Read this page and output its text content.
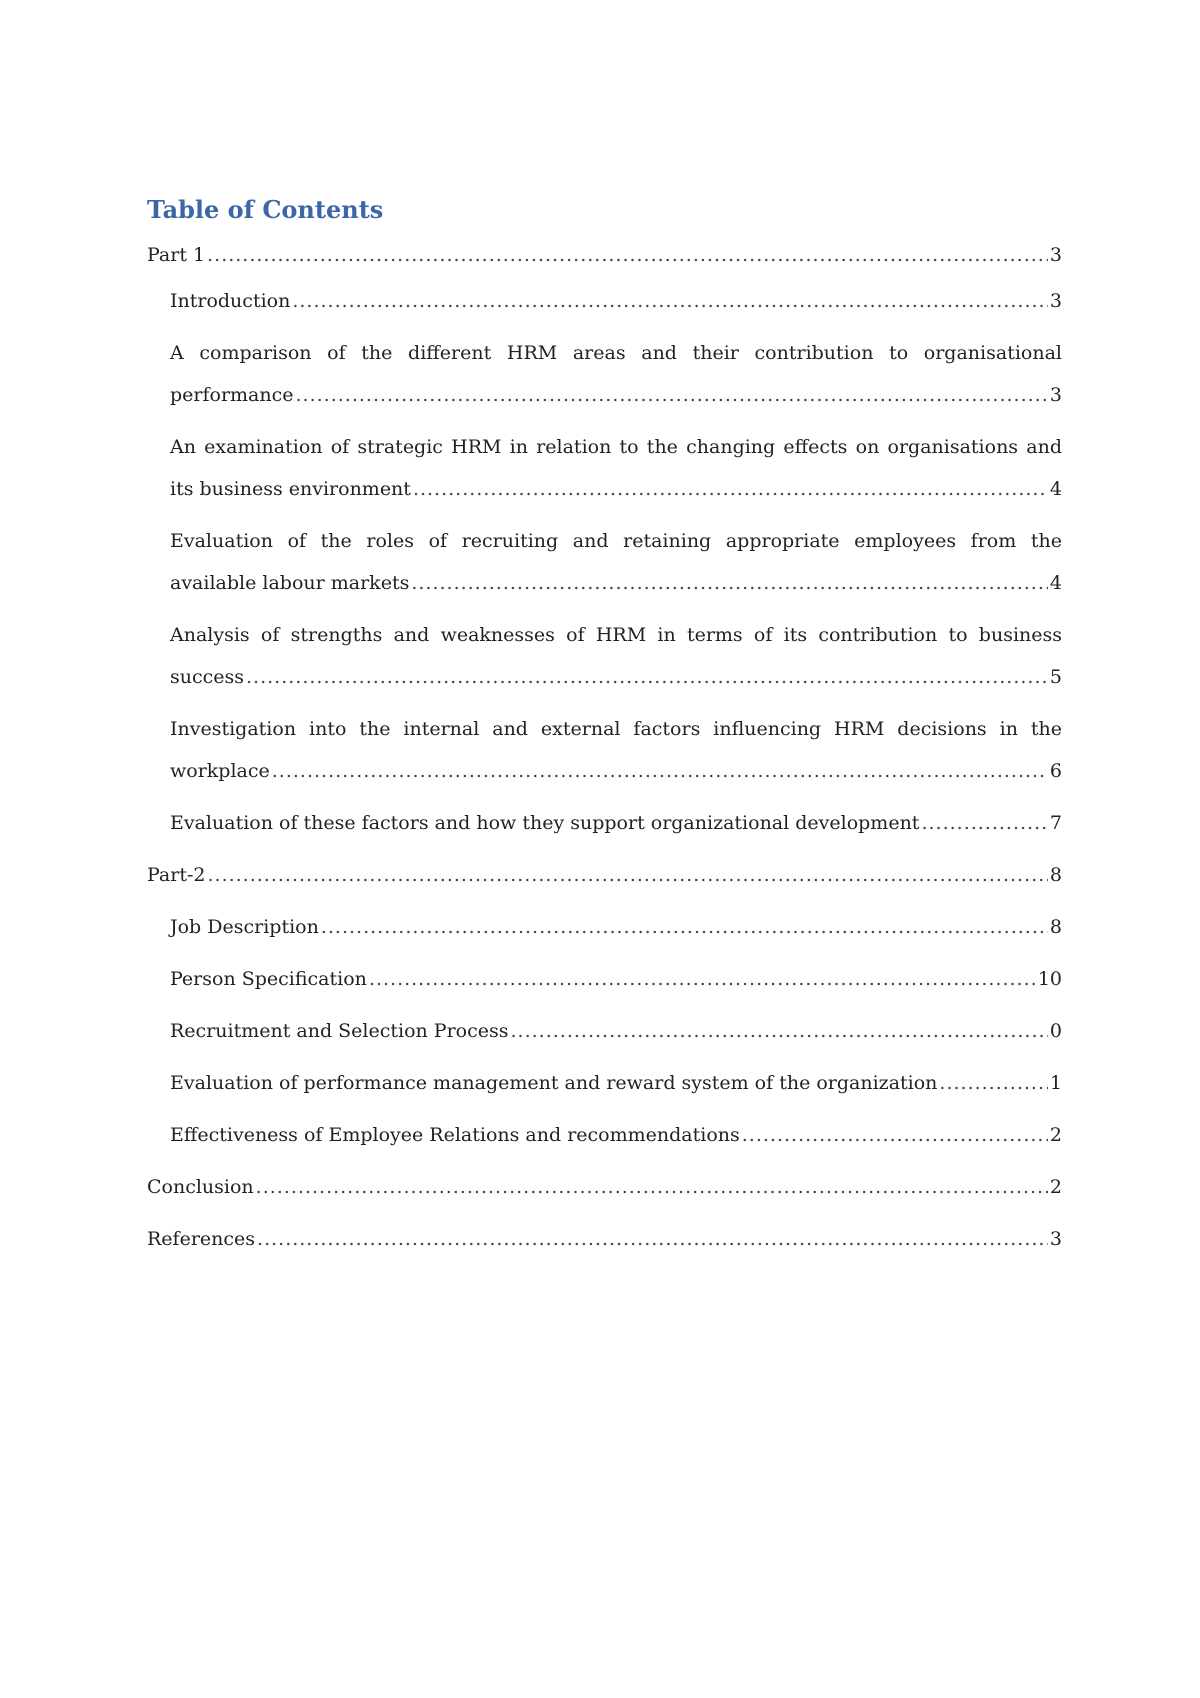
Table of Contents
Part 1 .....	3
Introduction .....	3
A comparison of the different HRM areas and their contribution to organisational
performance .....	3
An examination of strategic HRM in relation to the changing effects on organisations and
its business environment .....	4
Evaluation of the roles of recruiting and retaining appropriate employees from the
available labour markets .....	4
Analysis of strengths and weaknesses of HRM in terms of its contribution to business
success .....	5
Investigation into the internal and external factors influencing HRM decisions in the
workplace .....	6
Evaluation of these factors and how they support organizational development .....	7
Part-2 .....	8
Job Description .....	8
Person Specification .....	10
Recruitment and Selection Process .....	0
Evaluation of performance management and reward system of the organization .....	1
Effectiveness of Employee Relations and recommendations .....	2
Conclusion .....	2
References .....	3
